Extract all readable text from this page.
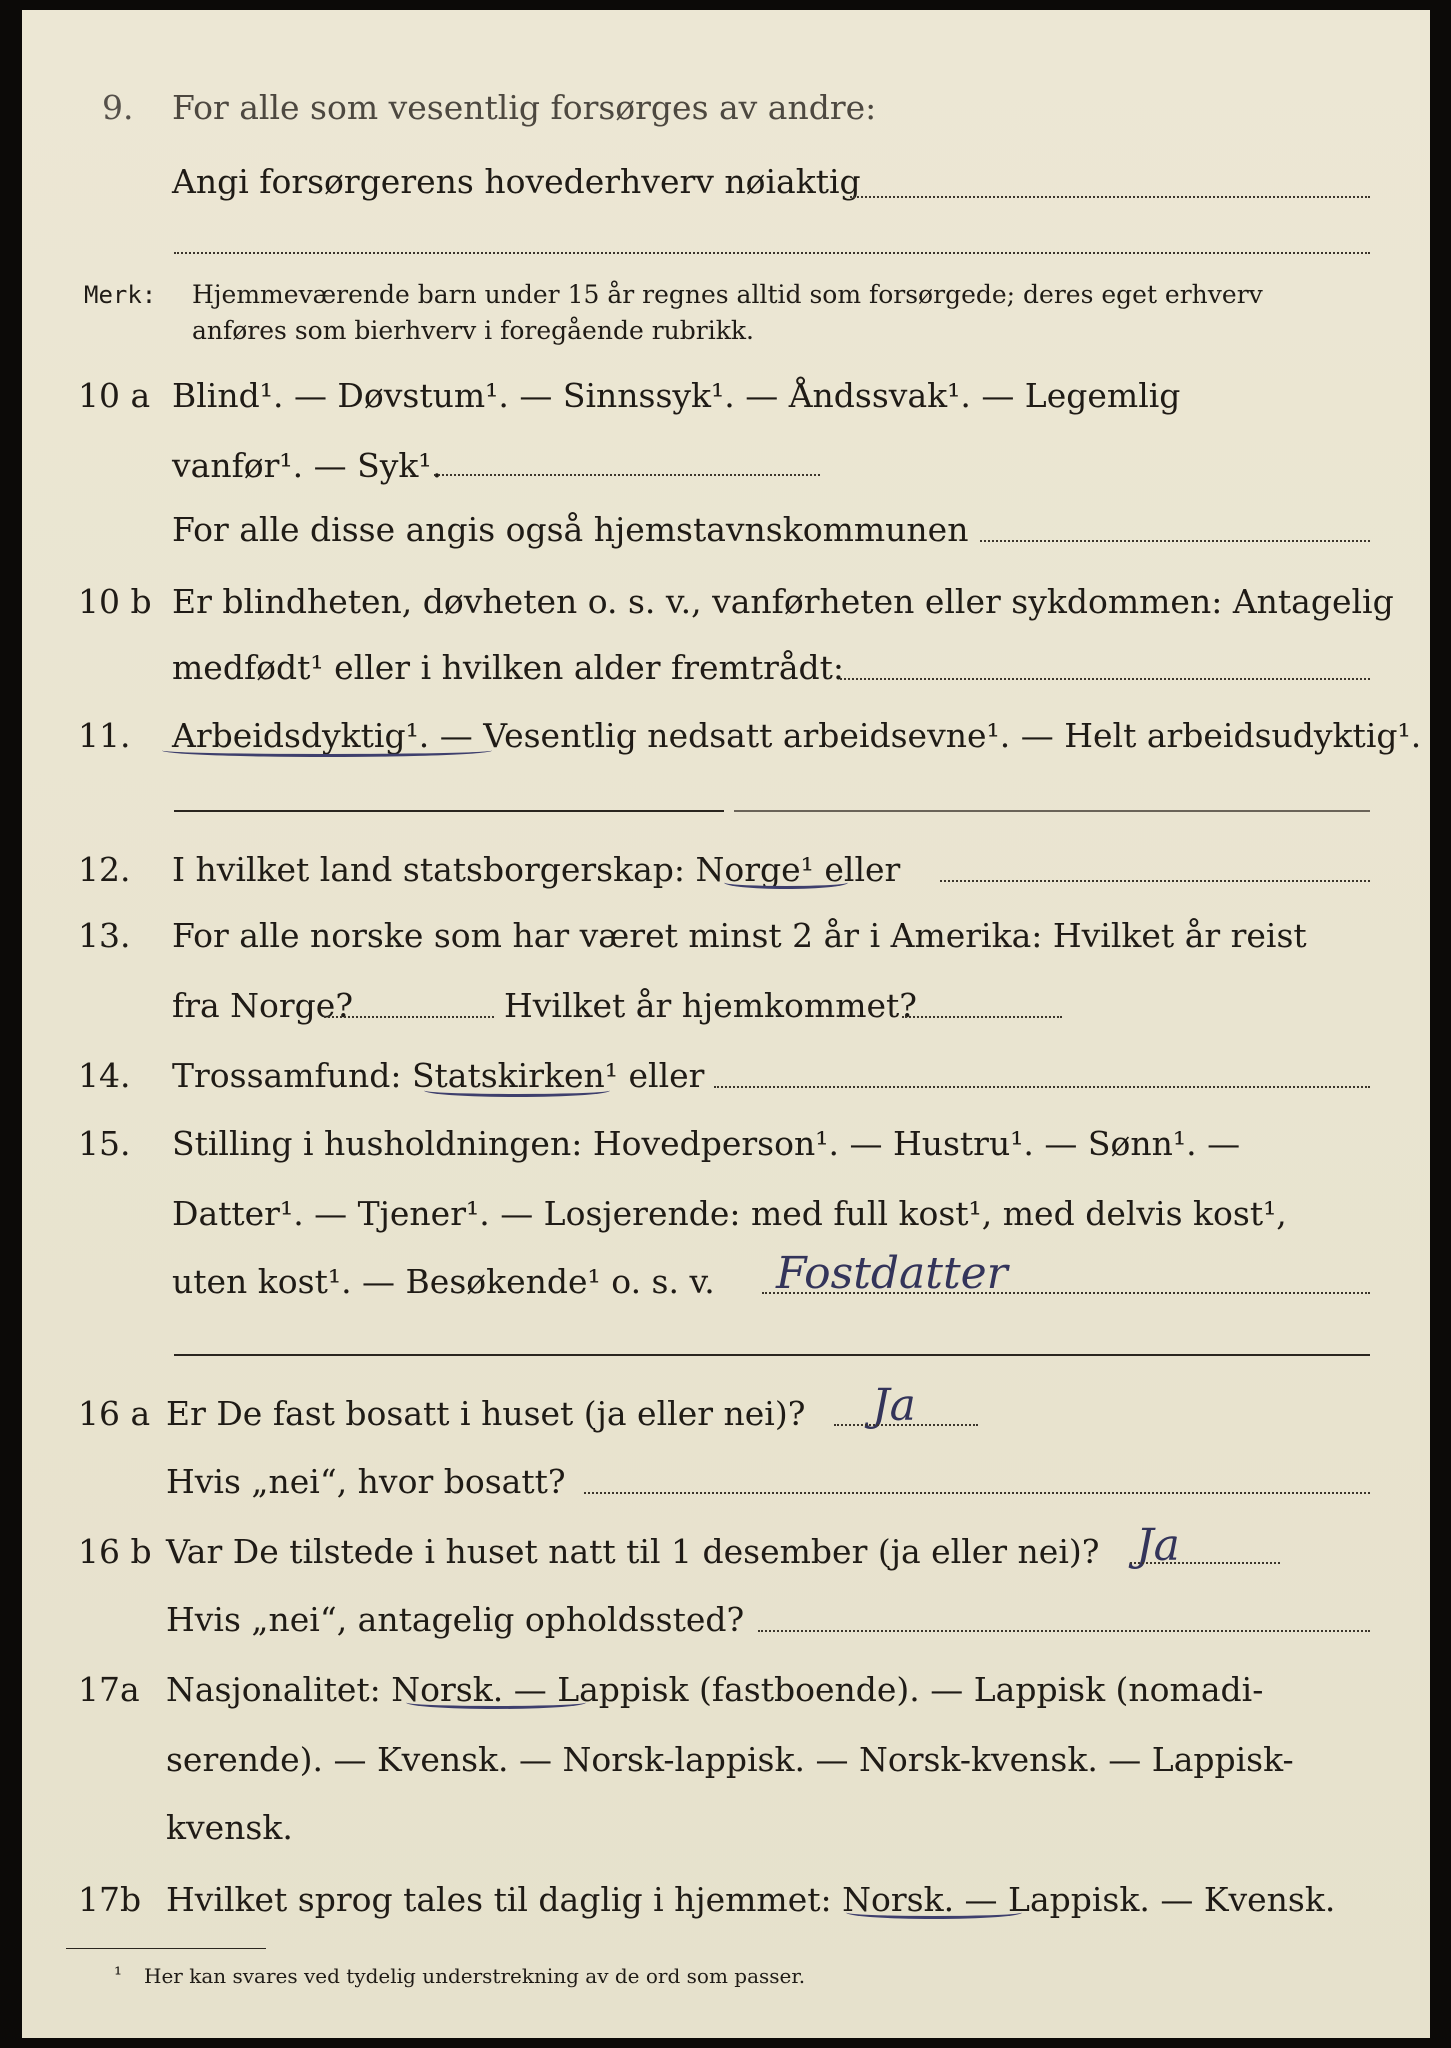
9. For alle som vesentlig forsørges av andre:
Angi forsørgerens hovederhverv nøiaktig
Merk: Hjemmeværende barn under 15 år regnes alltid som forsørgede; deres eget erhverv
anføres som bierhverv i foregående rubrikk.
10 a Blind¹. — Døvstum¹. — Sinnssyk¹. — Åndssvak¹. — Legemlig
vanfør¹. — Syk¹.
For alle disse angis også hjemstavnskommunen
10 b Er blindheten, døvheten o. s. v., vanførheten eller sykdommen: Antagelig
medfødt¹ eller i hvilken alder fremtrådt:
11. Arbeidsdyktig¹. — Vesentlig nedsatt arbeidsevne¹. — Helt arbeidsudyktig¹.
12. I hvilket land statsborgerskap: Norge¹ eller
13. For alle norske som har været minst 2 år i Amerika: Hvilket år reist
fra Norge?	Hvilket år hjemkommet?
14. Trossamfund: Statskirken¹ eller
15. Stilling i husholdningen: Hovedperson¹. — Hustru¹. — Sønn¹. —
Datter¹. — Tjener¹. — Losjerende: med full kost¹, med delvis kost¹,
uten kost¹. — Besøkende¹ o. s. v. Fostdatter
16 a Er De fast bosatt i huset (ja eller nei)? Ja
Hvis „nei“, hvor bosatt?
16 b Var De tilstede i huset natt til 1 desember (ja eller nei)? Ja
Hvis „nei“, antagelig opholdssted?
17a Nasjonalitet: Norsk. — Lappisk (fastboende). — Lappisk (nomadi-
serende). — Kvensk. — Norsk-lappisk. — Norsk-kvensk. — Lappisk-
kvensk.
17b Hvilket sprog tales til daglig i hjemmet: Norsk. — Lappisk. — Kvensk.
¹ Her kan svares ved tydelig understrekning av de ord som passer.
